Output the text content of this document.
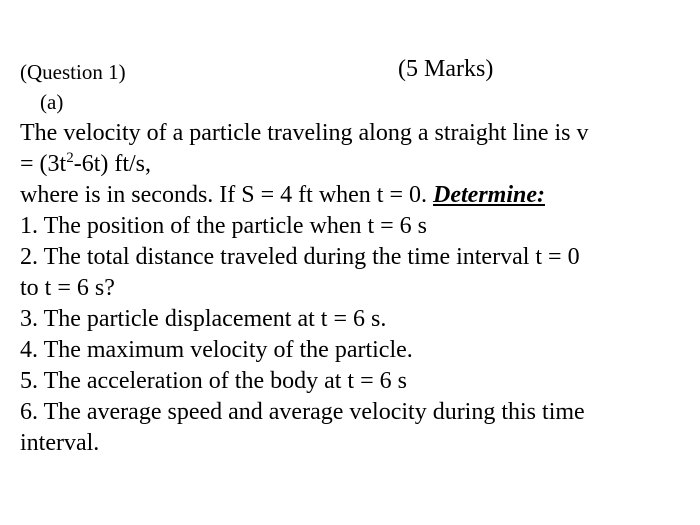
(Question 1)	(5 Marks)
(a)
The velocity of a particle traveling along a straight line is v
= $(3t^2-6t)$ ft/s,
where is in seconds. If S = 4 ft when t = 0. Determine:
1. The position of the particle when t = 6 s
2. The total distance traveled during the time interval t = 0
to t = 6 s?
3. The particle displacement at t = 6 s.
4. The maximum velocity of the particle.
5. The acceleration of the body at t = 6 s
6. The average speed and average velocity during this time
interval.
